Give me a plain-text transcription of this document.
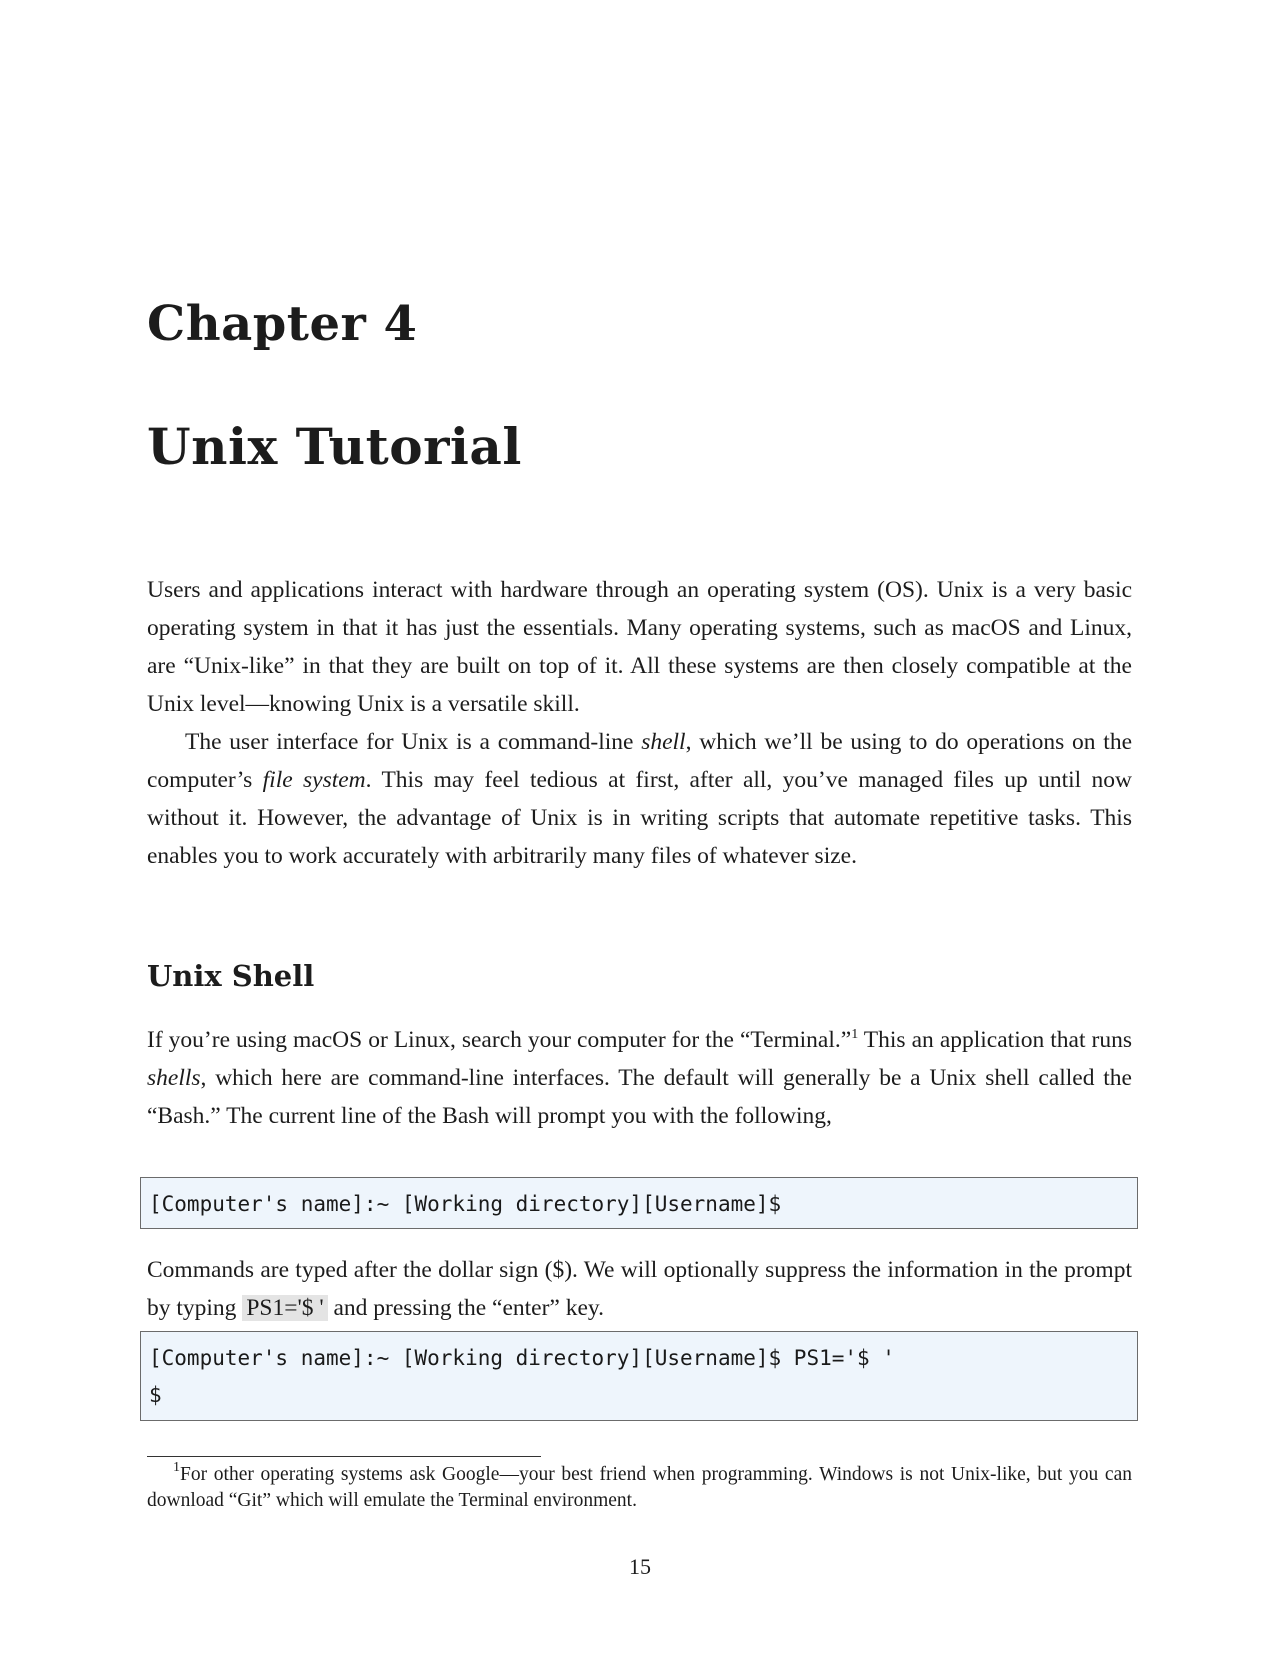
Chapter 4
Unix Tutorial

Users and applications interact with hardware through an operating system (OS). Unix is a very basic operating system in that it has just the essentials. Many operating systems, such as macOS and Linux, are “Unix-like” in that they are built on top of it. All these systems are then closely compatible at the Unix level—knowing Unix is a versatile skill.

The user interface for Unix is a command-line shell, which we’ll be using to do operations on the computer’s file system. This may feel tedious at first, after all, you’ve managed files up until now without it. However, the advantage of Unix is in writing scripts that automate repetitive tasks. This enables you to work accurately with arbitrarily many files of whatever size.

Unix Shell

If you’re using macOS or Linux, search your computer for the “Terminal.”$^1$ This an application that runs shells, which here are command-line interfaces. The default will generally be a Unix shell called the “Bash.” The current line of the Bash will prompt you with the following,

[Computer's name]:~ [Working directory][Username]$

Commands are typed after the dollar sign ($). We will optionally suppress the information in the prompt by typing PS1='$ ' and pressing the “enter” key.

[Computer's name]:~ [Working directory][Username]$ PS1='$ '
$

$^1$For other operating systems ask Google—your best friend when programming. Windows is not Unix-like, but you can download “Git” which will emulate the Terminal environment.

15
